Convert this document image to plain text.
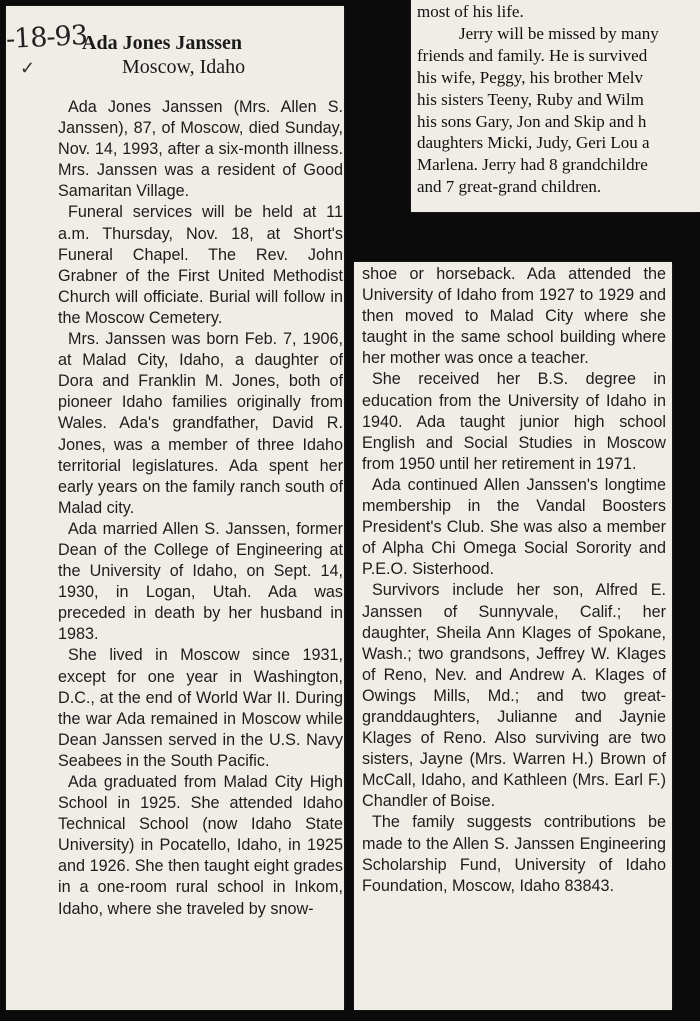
-18-93
✓
Ada Jones Janssen
Moscow, Idaho

Ada Jones Janssen (Mrs. Allen S. Janssen), 87, of Moscow, died Sunday, Nov. 14, 1993, after a six-month illness. Mrs. Janssen was a resident of Good Samaritan Village.

Funeral services will be held at 11 a.m. Thursday, Nov. 18, at Short's Funeral Chapel. The Rev. John Grabner of the First United Methodist Church will officiate. Burial will follow in the Moscow Cemetery.

Mrs. Janssen was born Feb. 7, 1906, at Malad City, Idaho, a daughter of Dora and Franklin M. Jones, both of pioneer Idaho families originally from Wales. Ada's grandfather, David R. Jones, was a member of three Idaho territorial legislatures. Ada spent her early years on the family ranch south of Malad city.

Ada married Allen S. Janssen, former Dean of the College of Engineering at the University of Idaho, on Sept. 14, 1930, in Logan, Utah. Ada was preceded in death by her husband in 1983.

She lived in Moscow since 1931, except for one year in Washington, D.C., at the end of World War II. During the war Ada remained in Moscow while Dean Janssen served in the U.S. Navy Seabees in the South Pacific.

Ada graduated from Malad City High School in 1925. She attended Idaho Technical School (now Idaho State University) in Pocatello, Idaho, in 1925 and 1926. She then taught eight grades in a one-room rural school in Inkom, Idaho, where she traveled by snow-

most of his life.
Jerry will be missed by many
friends and family. He is survived
his wife, Peggy, his brother Melv
his sisters Teeny, Ruby and Wilm
his sons Gary, Jon and Skip and h
daughters Micki, Judy, Geri Lou a
Marlena. Jerry had 8 grandchildre
and 7 great-grand children.

shoe or horseback. Ada attended the University of Idaho from 1927 to 1929 and then moved to Malad City where she taught in the same school building where her mother was once a teacher.

She received her B.S. degree in education from the University of Idaho in 1940. Ada taught junior high school English and Social Studies in Moscow from 1950 until her retirement in 1971.

Ada continued Allen Janssen's longtime membership in the Vandal Boosters President's Club. She was also a member of Alpha Chi Omega Social Sorority and P.E.O. Sisterhood.

Survivors include her son, Alfred E. Janssen of Sunnyvale, Calif.; her daughter, Sheila Ann Klages of Spokane, Wash.; two grandsons, Jeffrey W. Klages of Reno, Nev. and Andrew A. Klages of Owings Mills, Md.; and two great-granddaughters, Julianne and Jaynie Klages of Reno. Also surviving are two sisters, Jayne (Mrs. Warren H.) Brown of McCall, Idaho, and Kathleen (Mrs. Earl F.) Chandler of Boise.

The family suggests contributions be made to the Allen S. Janssen Engineering Scholarship Fund, University of Idaho Foundation, Moscow, Idaho 83843.
